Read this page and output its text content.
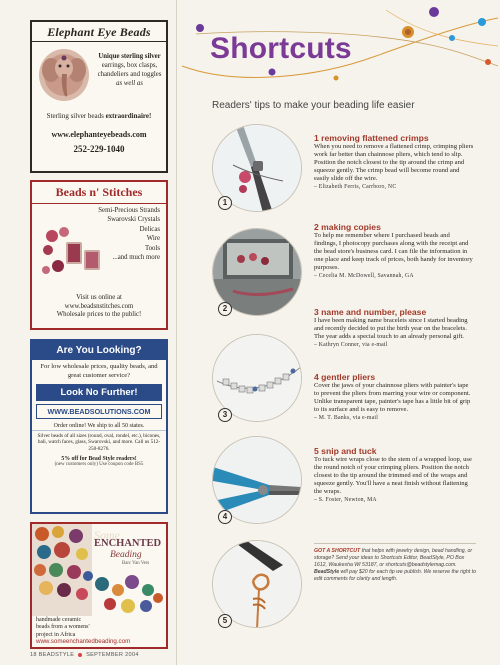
Elephant Eye Beads
Unique sterling silver
earrings, box clasps,
chandeliers and toggles
as well as
Sterling silver beads extraordinaire!
www.elephanteyebeads.com
252-229-1040
Beads n' Stitches
Semi-Precious Strands
Swarovski Crystals
Delicas
Wire
Tools
...and much more
Visit us online at
www.beadsnstitches.com
Wholesale prices to the public!
Are You Looking?
For low wholesale prices, quality beads, and great customer service?
Look No Further!
WWW.BEADSOLUTIONS.COM
Order online! We ship to all 50 states.
Silver beads of all sizes (round, oval, rondel, etc.), bicones, bali, watch faces, glass, Swarovski, and more. Call us 512-250-8276.
5% off for Bead Style readers!
(new customers only) Use coupon code BS5
Some
ENCHANTED
Beading
Barc Van Vers
handmade ceramic beads from a womens' project in Africa
www.someenchantedbeading.com
18 BEADSTYLE SEPTEMBER 2004
Shortcuts
Readers' tips to make your beading life easier
1
2
3
4
5
1 removing flattened crimps

When you need to remove a flattened crimp, crimping pliers work far better than chainnose pliers, which tend to slip. Position the notch closest to the tip around the crimp and squeeze gently. The crimp bead will become round and easily slide off the wire.

– Elizabeth Ferris, Carrboro, NC
2 making copies

To help me remember where I purchased beads and findings, I photocopy purchases along with the receipt and the bead store's business card. I can file the information in one place and keep track of prices, both handy for inventory purposes.

– Cecelia M. McDowell, Savannah, GA
3 name and number, please

I have been making name bracelets since I started beading and recently decided to put the birth year on the bracelets. The year adds a special touch to an already personal gift.

– Kathryn Conner, via e-mail
4 gentler pliers

Cover the jaws of your chainnose pliers with painter's tape to prevent the pliers from marring your wire or component. Unlike transparent tape, painter's tape has a little bit of grip to its surface and is easy to remove.

– M. T. Banks, via e-mail
5 snip and tuck

To tuck wire wraps close to the stem of a wrapped loop, use the round notch of your crimping pliers. Position the notch closest to the tip around the trimmed end of the wraps and squeeze gently. You'll have a neat finish without flattening the wraps.

– S. Foster, Newton, MA
GOT A SHORTCUT that helps with jewelry design, bead handling, or storage? Send your ideas to Shortcuts Editor, BeadStyle, PO Box 1612, Waukesha WI 53187, or shortcuts@beadstylemag.com. BeadStyle will pay $20 for each tip we publish. We reserve the right to edit comments for clarity and length.
